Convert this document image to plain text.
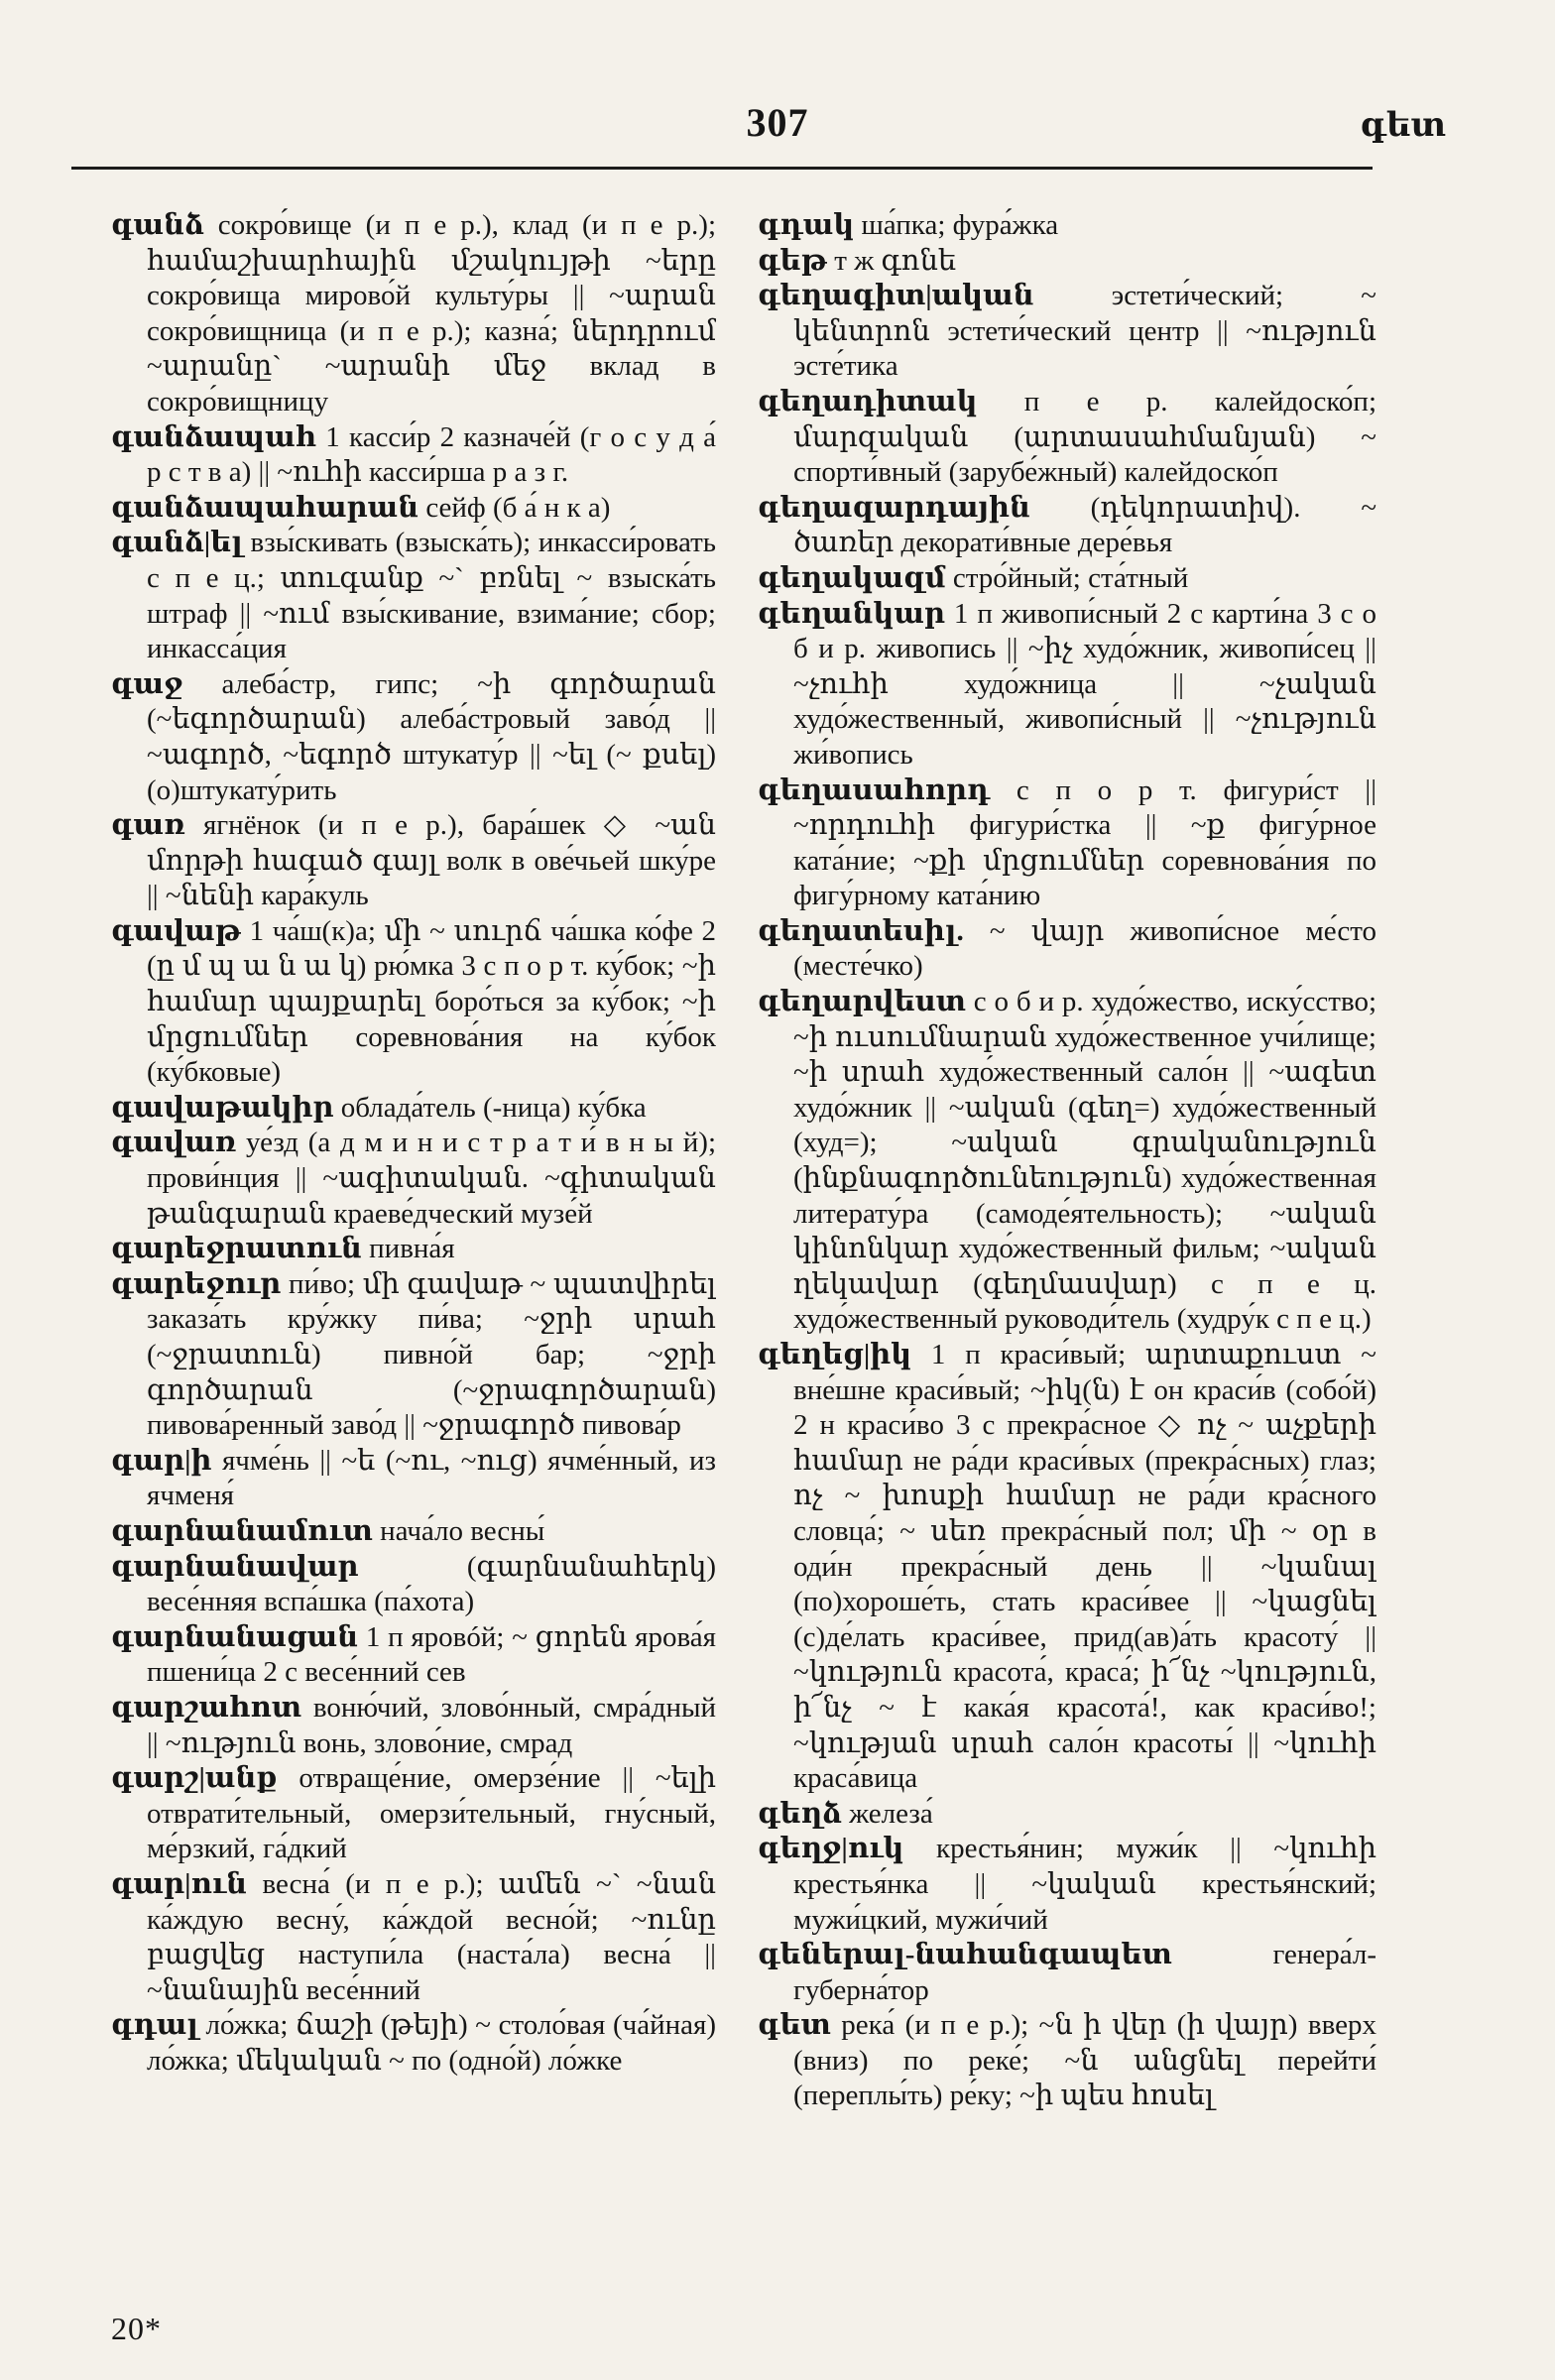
307	գետ

գանձ сокро́вище (и п е р.), клад (и п е р.); համաշխարհային մշակույթի ~երը сокро́вища мирово́й культу́ры || ~արան сокро́вищница (и п е р.); казна́; ներդրում ~արանը` ~արանի մեջ вклад в сокро́вищницу

գանձապահ 1 касси́р 2 казначе́й (г о с у д а́ р с т в а) || ~ուհի касси́рша р а з г.

գանձապահարան сейф (б а́ н к а)

գանձ|ել взы́скивать (взыска́ть); инкасси́ровать с п е ц.; տուգանք ~` բռնել ~ взыска́ть штраф || ~ում взы́скивание, взима́ние; сбор; инкасса́ция

գաջ алеба́стр, гипс; ~ի գործարան (~եգործարան) алеба́стровый заво́д || ~ագործ, ~եգործ штукату́р || ~ել (~ քսել) (о)штукату́рить

գառ ягнёнок (и п е р.), бара́шек ◇ ~ան մորթի հագած գայլ волк в ове́чьей шку́ре || ~նենի кара́куль

գավաթ 1 ча́ш(к)а; մի ~ սուրճ ча́шка ко́фе 2 (ը մ պ ա ն ա կ) рю́мка 3 с п о р т. ку́бок; ~ի համար պայքարել боро́ться за ку́бок; ~ի մրցումներ соревнова́ния на ку́бок (ку́бковые)

գավաթակիր облада́тель (-ница) ку́бка

գավառ уе́зд (а д м и н и с т р а т и́ в н ы й); прови́нция || ~ագիտական. ~գիտական թանգարան краеве́дческий музе́й

գարեջրատուն пивна́я

գարեջուր пи́во; մի գավաթ ~ պատվիրել заказа́ть кру́жку пи́ва; ~ջրի սրահ (~ջրատուն) пивно́й бар; ~ջրի գործարան (~ջրագործարան) пивова́ренный заво́д || ~ջրագործ пивова́р

գար|ի ячме́нь || ~ե (~ու, ~ուց) ячме́нный, из ячменя́

գարնանամուտ нача́ло весны́

գարնանավար	(գարնանահերկ) весе́нняя вспа́шка (па́хота)

գարնանացան 1 п яровóй; ~ ցորեն ярова́я пшени́ца 2 с весе́нний сев

գարշահոտ воню́чий, злово́нный, смра́дный || ~ություն вонь, злово́ние, смрад

գարշ|անք отвраще́ние, омерзе́ние || ~ելի отврати́тельный, омерзи́тельный, гну́сный, ме́рзкий, га́дкий

գար|ուն весна́ (и п е р.); ամեն ~` ~նան ка́ждую весну́, ка́ждой весно́й; ~ունը բացվեց наступи́ла (наста́ла) весна́ || ~նանային весе́нний

գդալ ло́жка; ճաշի (թեյի) ~ столо́вая (ча́йная) ло́жка; մեկական ~ по (одно́й) ло́жке

գդակ ша́пка; фура́жка

գեթ т ж գոնե

գեղագիտ|ական	эстети́ческий; ~ կենտրոն эстети́ческий центр || ~ություն эсте́тика

գեղադիտակ п е р. калейдоско́п; մարզական (արտասահմանյան) ~ спорти́вный (зарубе́жный) калейдоско́п

գեղազարդային (դեկորատիվ). ~ ծառեր декорати́вные дере́вья

գեղակազմ стро́йный; ста́тный

գեղանկար 1 п живопи́сный 2 с карти́на 3 с о б и р. живопись || ~իչ худо́жник, живопи́сец || ~չուհի худо́жница || ~չական худо́жественный, живопи́сный || ~չություն жи́вопись

գեղասահորդ с п о р т. фигури́ст || ~որդուհի фигури́стка || ~ք фигу́рное ката́ние; ~քի մրցումներ соревнова́ния по фигу́рному ката́нию

գեղատեսիլ. ~ վայր живопи́сное ме́сто (месте́чко)

գեղարվեստ с о б и р. худо́жество, иску́сство; ~ի ուսումնարան худо́жественное учи́лище; ~ի սրահ худо́жественный сало́н || ~ագետ худо́жник || ~ական (գեղ=) худо́жественный (худ=); ~ական գրականություն (ինքնագործունեություն) худо́жественная литерату́ра (самоде́ятельность); ~ական կինոնկար худо́жественный фильм; ~ական ղեկավար (գեղմասվար) с п е ц. худо́жественный руководи́тель (худру́к с п е ц.)

գեղեց|իկ 1 п краси́вый; արտաքուստ ~ вне́шне краси́вый; ~իկ(ն) է он краси́в (собо́й) 2 н краси́во 3 с прекра́сное ◇ ոչ ~ աչքերի համար не ра́ди краси́вых (прекра́сных) глаз; ոչ ~ խոսքի համար не ра́ди кра́сного словца́; ~ սեռ прекра́сный пол; մի ~ օր в оди́н прекра́сный день || ~կանալ (по)хороше́ть, стать краси́вее || ~կացնել (с)де́лать краси́вее, прид(ав)а́ть красоту́ || ~կություն красота́, краса́; ի՜նչ ~կություն, ի՜նչ ~ է кака́я красота́!, как краси́во!; ~կության սրահ сало́н красоты́ || ~կուհի краса́вица

գեղձ железа́

գեղջ|ուկ крестья́нин; мужи́к || ~կուհի крестья́нка || ~կական крестья́нский; мужи́цкий, мужи́чий

գեներալ-նահանգապետ	генера́л-губерна́тор

գետ река́ (и п е р.); ~ն ի վեր (ի վայր) вверх (вниз) по реке́; ~ն անցնել перейти́ (переплы́ть) ре́ку; ~ի պես հոսել

20*
